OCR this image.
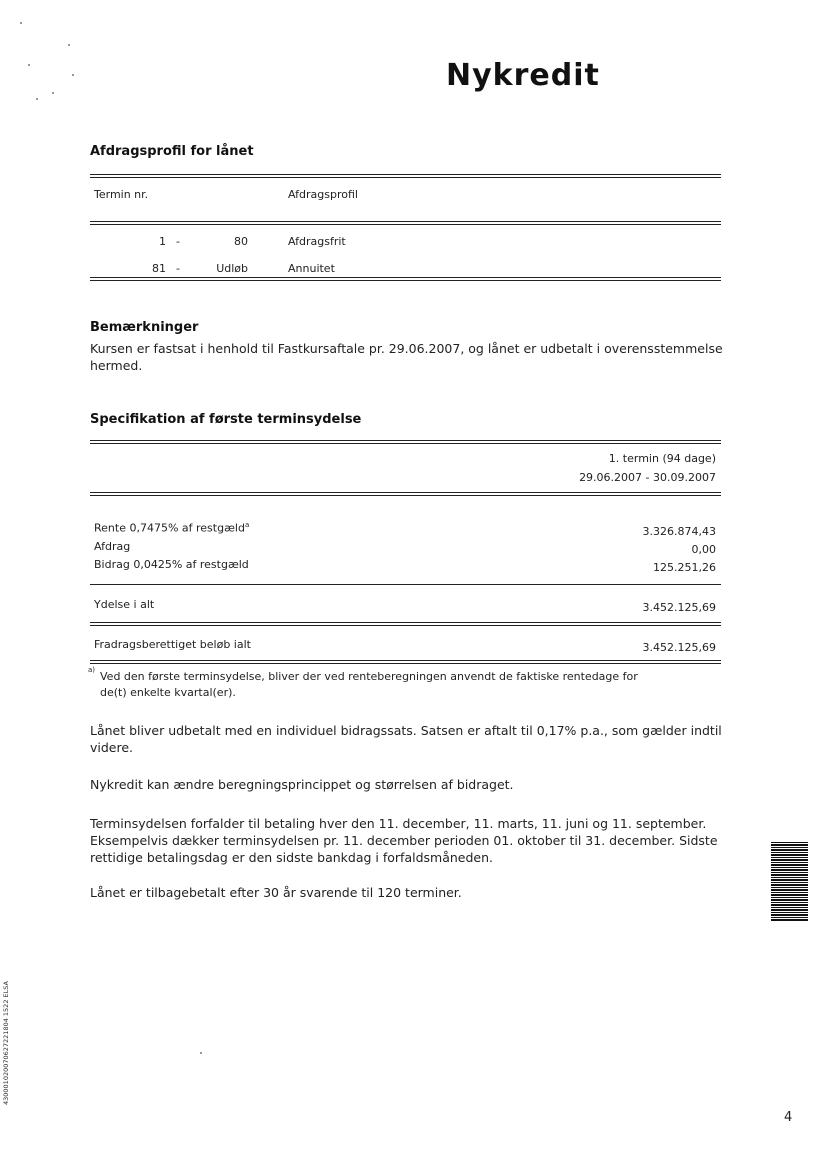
Nykredit
Afdragsprofil for lånet
Termin nr.	Afdragsprofil
1 -	80	Afdragsfrit
81 -	Udløb	Annuitet
Bemærkninger
Kursen er fastsat i henhold til Fastkursaftale pr. 29.06.2007, og lånet er udbetalt i overensstemmelse
hermed.
Specifikation af første terminsydelse
1. termin (94 dage)
29.06.2007 - 30.09.2007
Rente 0,7475% af restgæld$^a$	3.326.874,43
Afdrag	0,00
Bidrag 0,0425% af restgæld	125.251,26
Ydelse i alt	3.452.125,69
Fradragsberettiget beløb ialt	3.452.125,69
$^{a)}$ Ved den første terminsydelse, bliver der ved renteberegningen anvendt de faktiske rentedage for
de(t) enkelte kvartal(er).
Lånet bliver udbetalt med en individuel bidragssats. Satsen er aftalt til 0,17% p.a., som gælder indtil
videre.
Nykredit kan ændre beregningsprincippet og størrelsen af bidraget.
Terminsydelsen forfalder til betaling hver den 11. december, 11. marts, 11. juni og 11. september.
Eksempelvis dækker terminsydelsen pr. 11. december perioden 01. oktober til 31. december. Sidste
rettidige betalingsdag er den sidste bankdag i forfaldsmåneden.
Lånet er tilbagebetalt efter 30 år svarende til 120 terminer.
43000102007062722180​4 1522 ELSA
4
